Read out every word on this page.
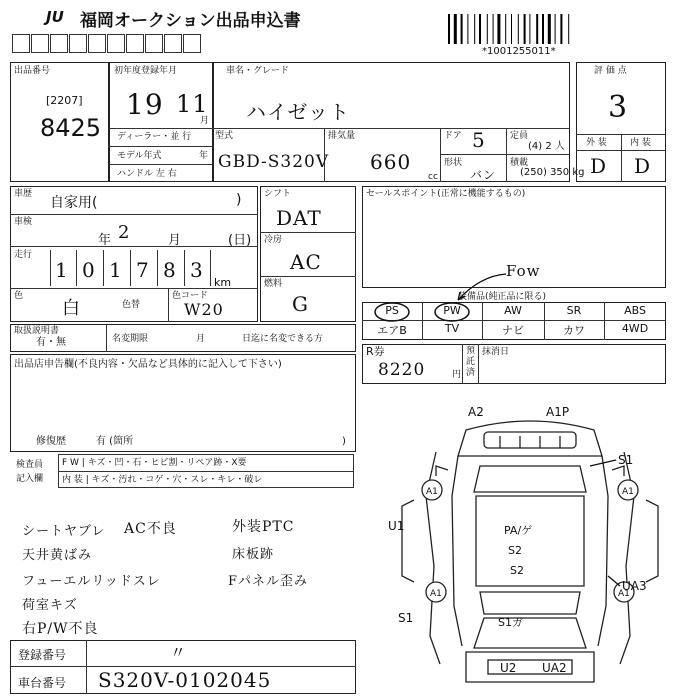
JU 福岡オークション出品申込書
*1001255011*
出品番号
[2207]
8425
初年度登録年月
19 11
月
ディーラー・並 行
モデル年式	年
ハンドル 左 右
車名・グレード
ハイゼット
型式
GBD-S320V
排気量
660
cc
ドア 5
形状
バン
定員
(4) 2 人
積載
(250) 350 kg
評 価 点
3
外 装	内 装
D D
車歴
自家用(	)
車検
年 2	月	(日)
走行
1 0 1 7 8 3
km
色
白	色替
色コード
W20
シフト
DAT
冷房
AC
燃料
G
セールスポイント(正常に機能するもの)
Fow
装備品(純正品に限る)
PS	PW	AW	SR	ABS
エアB	TV	ナビ	カワ	4WD
R券
8220	円
預託済
抹消日
取扱説明書
有・無	名変期限	月	日迄に名変できる方
出品店申告欄(不良内容・欠品など具体的に記入して下さい)
修復歴	有 (箇所	)
検査員
記入欄
F W | キズ・凹・石・ヒビ割・リペア跡・X要
内 装 | キズ・汚れ・コゲ・穴・スレ・キレ・破レ
シートヤブレ AC不良	外装PTC
天井黄ばみ	床板跡
フューエルリッドスレ	Fパネル歪み
荷室キズ
右P/W不良
登録番号	〃
車台番号 S320V-0102045
A2	A1P
S1
U1
A1	A1
PA/ゲ
S2
S2
A1
UA3
S1	S1ガ
U2 UA2
A1
